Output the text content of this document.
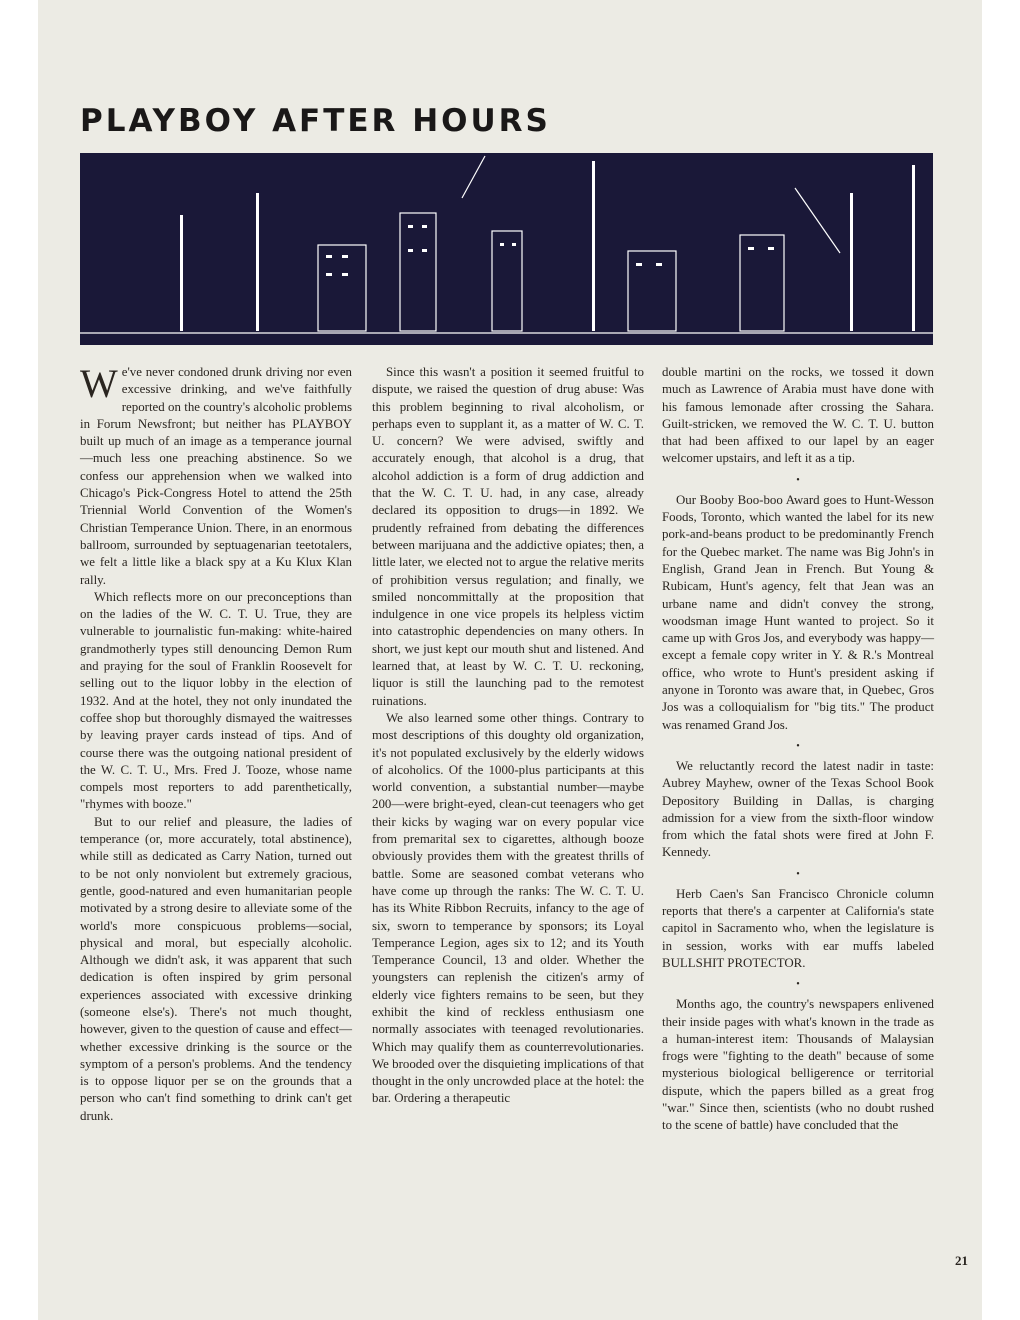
PLAYBOY AFTER HOURS

We've never condoned drunk driving nor even excessive drinking, and we've faithfully reported on the country's alcoholic problems in Forum Newsfront; but neither has PLAYBOY built up much of an image as a temperance journal—much less one preaching abstinence. So we confess our apprehension when we walked into Chicago's Pick-Congress Hotel to attend the 25th Triennial World Convention of the Women's Christian Temperance Union. There, in an enormous ballroom, surrounded by septuagenarian teetotalers, we felt a little like a black spy at a Ku Klux Klan rally.

Which reflects more on our preconceptions than on the ladies of the W. C. T. U. True, they are vulnerable to journalistic fun-making: white-haired grandmotherly types still denouncing Demon Rum and praying for the soul of Franklin Roosevelt for selling out to the liquor lobby in the election of 1932. And at the hotel, they not only inundated the coffee shop but thoroughly dismayed the waitresses by leaving prayer cards instead of tips. And of course there was the outgoing national president of the W. C. T. U., Mrs. Fred J. Tooze, whose name compels most reporters to add parenthetically, "rhymes with booze."

But to our relief and pleasure, the ladies of temperance (or, more accurately, total abstinence), while still as dedicated as Carry Nation, turned out to be not only nonviolent but extremely gracious, gentle, good-natured and even humanitarian people motivated by a strong desire to alleviate some of the world's more conspicuous problems—social, physical and moral, but especially alcoholic. Although we didn't ask, it was apparent that such dedication is often inspired by grim personal experiences associated with excessive drinking (someone else's). There's not much thought, however, given to the question of cause and effect—whether excessive drinking is the source or the symptom of a person's problems. And the tendency is to oppose liquor per se on the grounds that a person who can't find something to drink can't get drunk.

Since this wasn't a position it seemed fruitful to dispute, we raised the question of drug abuse: Was this problem beginning to rival alcoholism, or perhaps even to supplant it, as a matter of W. C. T. U. concern? We were advised, swiftly and accurately enough, that alcohol is a drug, that alcohol addiction is a form of drug addiction and that the W. C. T. U. had, in any case, already declared its opposition to drugs—in 1892. We prudently refrained from debating the differences between marijuana and the addictive opiates; then, a little later, we elected not to argue the relative merits of prohibition versus regulation; and finally, we smiled noncommittally at the proposition that indulgence in one vice propels its helpless victim into catastrophic dependencies on many others. In short, we just kept our mouth shut and listened. And learned that, at least by W. C. T. U. reckoning, liquor is still the launching pad to the remotest ruinations.

We also learned some other things. Contrary to most descriptions of this doughty old organization, it's not populated exclusively by the elderly widows of alcoholics. Of the 1000-plus participants at this world convention, a substantial number—maybe 200—were bright-eyed, clean-cut teenagers who get their kicks by waging war on every popular vice from premarital sex to cigarettes, although booze obviously provides them with the greatest thrills of battle. Some are seasoned combat veterans who have come up through the ranks: The W. C. T. U. has its White Ribbon Recruits, infancy to the age of six, sworn to temperance by sponsors; its Loyal Temperance Legion, ages six to 12; and its Youth Temperance Council, 13 and older. Whether the youngsters can replenish the citizen's army of elderly vice fighters remains to be seen, but they exhibit the kind of reckless enthusiasm one normally associates with teenaged revolutionaries. Which may qualify them as counterrevolutionaries. We brooded over the disquieting implications of that thought in the only uncrowded place at the hotel: the bar. Ordering a therapeutic

double martini on the rocks, we tossed it down much as Lawrence of Arabia must have done with his famous lemonade after crossing the Sahara. Guilt-stricken, we removed the W. C. T. U. button that had been affixed to our lapel by an eager welcomer upstairs, and left it as a tip.

•

Our Booby Boo-boo Award goes to Hunt-Wesson Foods, Toronto, which wanted the label for its new pork-and-beans product to be predominantly French for the Quebec market. The name was Big John's in English, Grand Jean in French. But Young & Rubicam, Hunt's agency, felt that Jean was an urbane name and didn't convey the strong, woodsman image Hunt wanted to project. So it came up with Gros Jos, and everybody was happy—except a female copy writer in Y. & R.'s Montreal office, who wrote to Hunt's president asking if anyone in Toronto was aware that, in Quebec, Gros Jos was a colloquialism for "big tits." The product was renamed Grand Jos.

•

We reluctantly record the latest nadir in taste: Aubrey Mayhew, owner of the Texas School Book Depository Building in Dallas, is charging admission for a view from the sixth-floor window from which the fatal shots were fired at John F. Kennedy.

•

Herb Caen's San Francisco Chronicle column reports that there's a carpenter at California's state capitol in Sacramento who, when the legislature is in session, works with ear muffs labeled BULLSHIT PROTECTOR.

•

Months ago, the country's newspapers enlivened their inside pages with what's known in the trade as a human-interest item: Thousands of Malaysian frogs were "fighting to the death" because of some mysterious biological belligerence or territorial dispute, which the papers billed as a great frog "war." Since then, scientists (who no doubt rushed to the scene of battle) have concluded that the

21
